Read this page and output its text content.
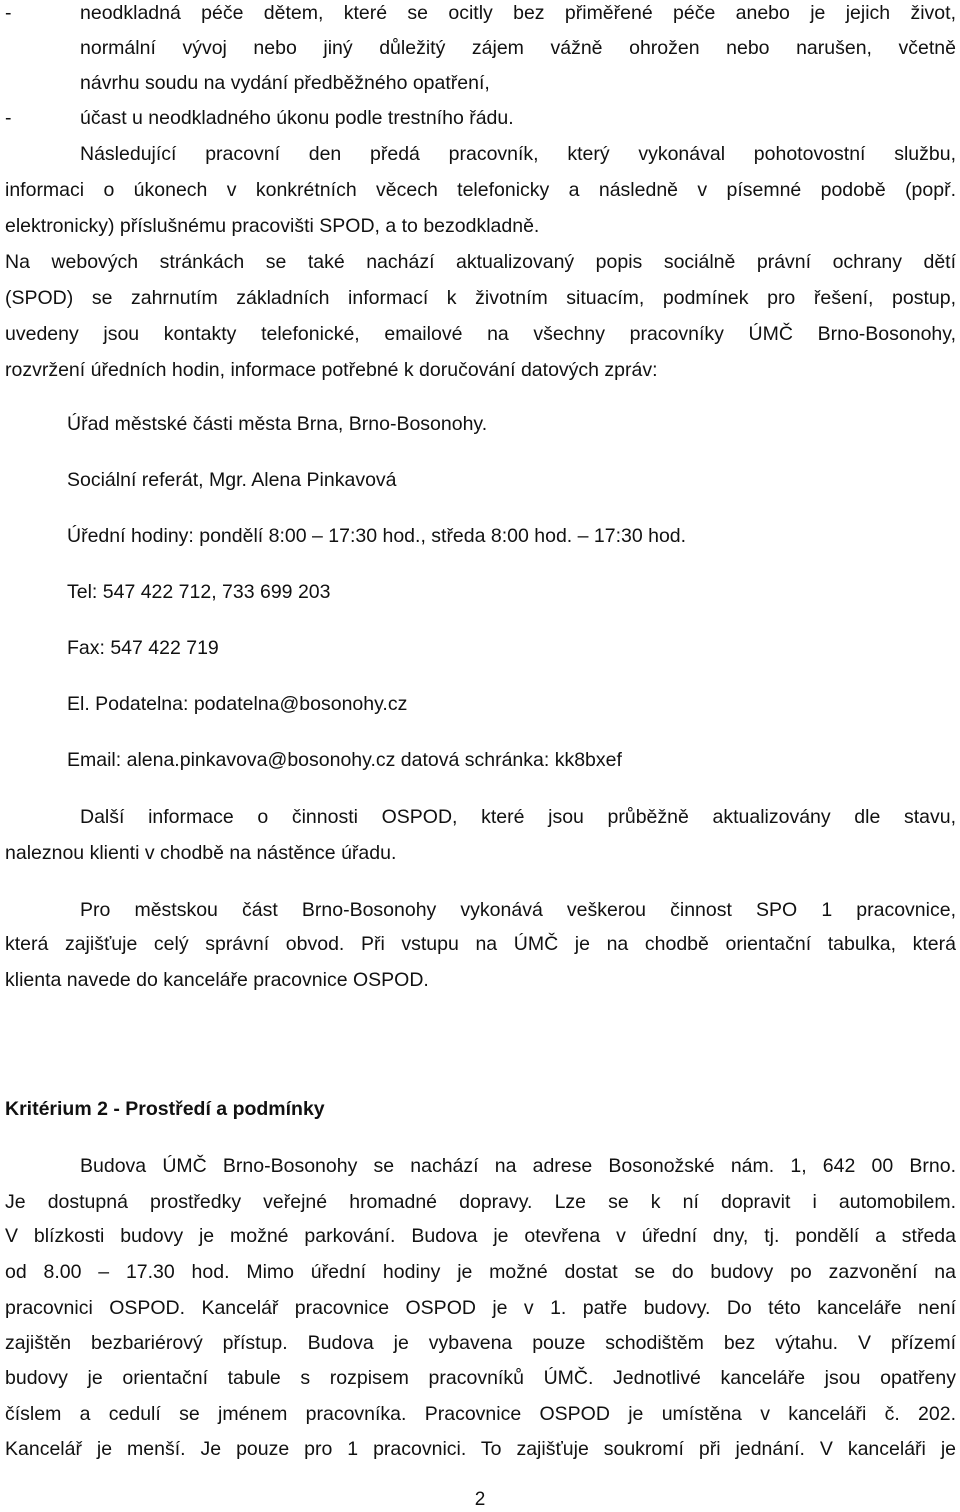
-	neodkladná péče dětem, které se ocitly bez přiměřené péče anebo je jejich život,
normální vývoj nebo jiný důležitý zájem vážně ohrožen nebo narušen, včetně
návrhu soudu na vydání předběžného opatření,
-	účast u neodkladného úkonu podle trestního řádu.
Následující pracovní den předá pracovník, který vykonával pohotovostní službu,
informaci o úkonech v konkrétních věcech telefonicky a následně v písemné podobě (popř.
elektronicky) příslušnému pracovišti SPOD, a to bezodkladně.
Na webových stránkách se také nachází aktualizovaný popis sociálně právní ochrany dětí
(SPOD) se zahrnutím základních informací k životním situacím, podmínek pro řešení, postup,
uvedeny jsou kontakty telefonické, emailové na všechny pracovníky ÚMČ Brno-Bosonohy,
rozvržení úředních hodin, informace potřebné k doručování datových zpráv:
Úřad městské části města Brna, Brno-Bosonohy.
Sociální referát, Mgr. Alena Pinkavová
Úřední hodiny: pondělí 8:00 – 17:30 hod., středa 8:00 hod. – 17:30 hod.
Tel: 547 422 712, 733 699 203
Fax: 547 422 719
El. Podatelna: podatelna@bosonohy.cz
Email: alena.pinkavova@bosonohy.cz datová schránka: kk8bxef
Další informace o činnosti OSPOD, které jsou průběžně aktualizovány dle stavu,
naleznou klienti v chodbě na nástěnce úřadu.
Pro městskou část Brno-Bosonohy vykonává veškerou činnost SPO 1 pracovnice,
která zajišťuje celý správní obvod. Při vstupu na ÚMČ je na chodbě orientační tabulka, která
klienta navede do kanceláře pracovnice OSPOD.
Kritérium 2 - Prostředí a podmínky
Budova ÚMČ Brno-Bosonohy se nachází na adrese Bosonožské nám. 1, 642 00 Brno.
Je dostupná prostředky veřejné hromadné dopravy. Lze se k ní dopravit i automobilem.
V blízkosti budovy je možné parkování. Budova je otevřena v úřední dny, tj. pondělí a středa
od 8.00 – 17.30 hod. Mimo úřední hodiny je možné dostat se do budovy po zazvonění na
pracovnici OSPOD. Kancelář pracovnice OSPOD je v 1. patře budovy. Do této kanceláře není
zajištěn bezbariérový přístup. Budova je vybavena pouze schodištěm bez výtahu. V přízemí
budovy je orientační tabule s rozpisem pracovníků ÚMČ. Jednotlivé kanceláře jsou opatřeny
číslem a cedulí se jménem pracovníka. Pracovnice OSPOD je umístěna v kanceláři č. 202.
Kancelář je menší. Je pouze pro 1 pracovnici. To zajišťuje soukromí při jednání. V kanceláři je
2
